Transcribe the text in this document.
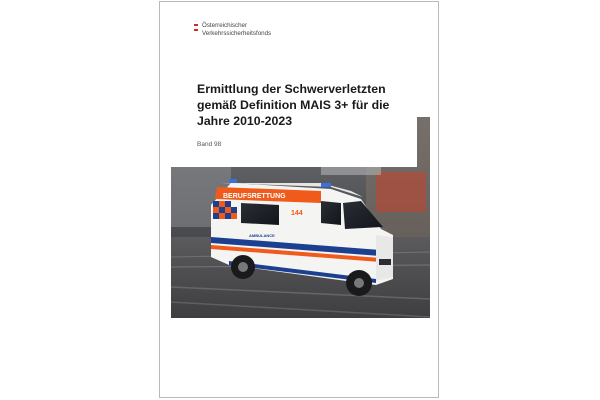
Österreichischer
Verkehrssicherheitsfonds
BERUFSRETTUNG
144
AMBULANCE
Ermittlung der Schwerverletzten
gemäß Definition MAIS 3+ für die
Jahre 2010-2023
Band 98
